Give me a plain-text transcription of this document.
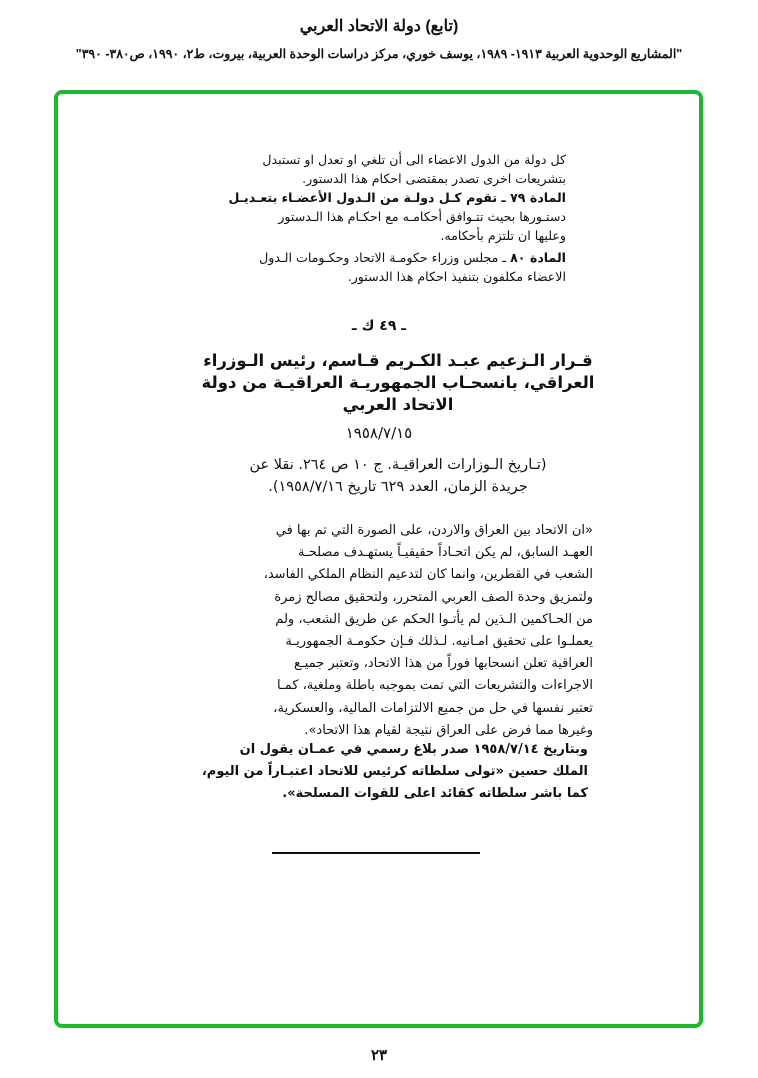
(تابع) دولة الاتحاد العربي
"المشاريع الوحدوية العربية ١٩١٣- ١٩٨٩، يوسف خوري، مركز دراسات الوحدة العربية، بيروت، ط٢، ١٩٩٠، ص٣٨٠- ٣٩٠"
كل دولة من الدول الاعضاء الى أن تلغي او تعدل او تستبدل
بتشريعات اخرى تصدر بمقتضى احكام هذا الدستور.
المادة ٧٩ ـ تقوم كـل دولـة من الـدول الأعضـاء بتعـديـل
دستـورها بحيث تتـوافق أحكامـه مع احكـام هذا الـدستور
وعليها ان تلتزم بأحكامه.
المادة ٨٠ ـ مجلس وزراء حكومـة الاتحاد وحكـومات الـدول
الاعضاء مكلفون بتنفيذ احكام هذا الدستور.
ـ ٤٩ ك ـ
قـرار الـزعيم عبـد الكـريم قـاسم، رئيس الـوزراء
العراقي، بانسحـاب الجمهوريـة العراقيـة من دولة
الاتحاد العربي
١٩٥٨/٧/١٥
(تـاريخ الـوزارات العراقيـة. ج ١٠ ص ٢٦٤. نقلا عن
جريدة الزمان، العدد ٦٢٩ تاريخ ١٩٥٨/٧/١٦).
«ان الاتحاد بين العراق والاردن، على الصورة التي تم بها في
العهـد السابق، لم يكن اتحـاداً حقيقيـاً يستهـدف مصلحـة
الشعب في القطرين، وانما كان لتدعيم النظام الملكي الفاسد،
ولتمزيق وحدة الصف العربي المتحرر، ولتحقيق مصالح زمرة
من الحـاكمين الـذين لم يأتـوا الحكم عن طريق الشعب، ولم
يعملـوا على تحقيق امـانيه. لـذلك فـإن حكومـة الجمهوريـة
العراقية تعلن انسحابها فوراً من هذا الاتحاد، وتعتبر جميـع
الاجراءات والتشريعات التي تمت بموجبه باطلة وملغية، كمـا
تعتبر نفسها في حل من جميع الالتزامات المالية، والعسكرية،
وغيرها مما فرض على العراق نتيجة لقيام هذا الاتحاد».
وبتاريخ ١٩٥٨/٧/١٤ صدر بلاغ رسمي في عمـان يقول ان
الملك حسين «تولى سلطاته كرئيس للاتحاد اعتبـاراً من اليوم،
كما باشر سلطاته كقائد اعلى للقوات المسلحة».
٢٣
